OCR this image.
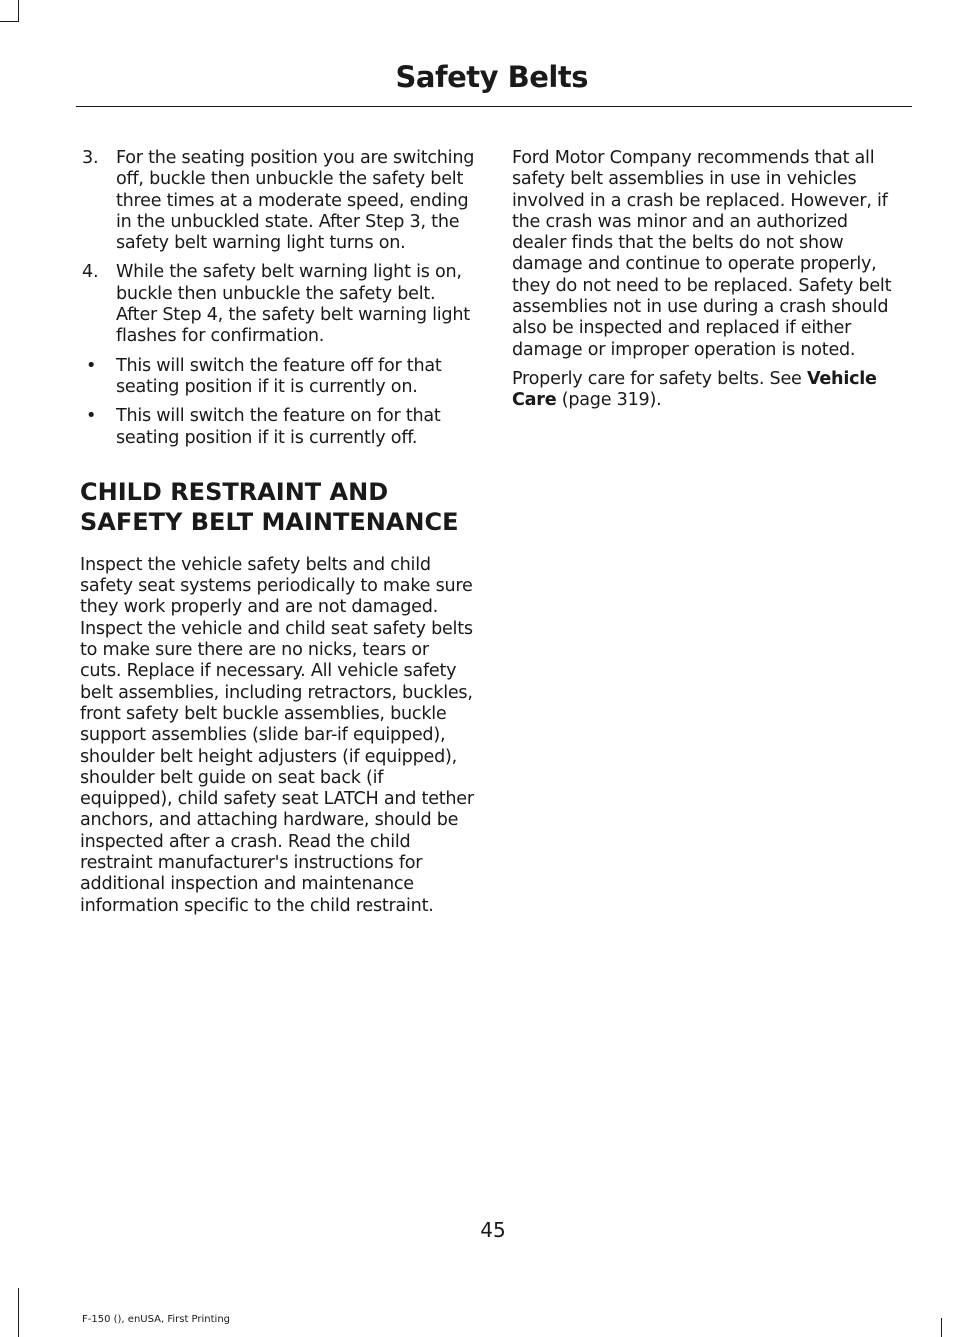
Safety Belts
3. For the seating position you are switching off, buckle then unbuckle the safety belt three times at a moderate speed, ending in the unbuckled state. After Step 3, the safety belt warning light turns on.
4. While the safety belt warning light is on, buckle then unbuckle the safety belt. After Step 4, the safety belt warning light flashes for confirmation.
• This will switch the feature off for that seating position if it is currently on.
• This will switch the feature on for that seating position if it is currently off.
CHILD RESTRAINT AND
SAFETY BELT MAINTENANCE

Inspect the vehicle safety belts and child safety seat systems periodically to make sure they work properly and are not damaged. Inspect the vehicle and child seat safety belts to make sure there are no nicks, tears or cuts. Replace if necessary. All vehicle safety belt assemblies, including retractors, buckles, front safety belt buckle assemblies, buckle support assemblies (slide bar-if equipped), shoulder belt height adjusters (if equipped), shoulder belt guide on seat back (if equipped), child safety seat LATCH and tether anchors, and attaching hardware, should be inspected after a crash. Read the child restraint manufacturer's instructions for additional inspection and maintenance information specific to the child restraint.

Ford Motor Company recommends that all safety belt assemblies in use in vehicles involved in a crash be replaced. However, if the crash was minor and an authorized dealer finds that the belts do not show damage and continue to operate properly, they do not need to be replaced. Safety belt assemblies not in use during a crash should also be inspected and replaced if either damage or improper operation is noted.

Properly care for safety belts. See Vehicle Care (page 319).

45
F-150 (), enUSA, First Printing
